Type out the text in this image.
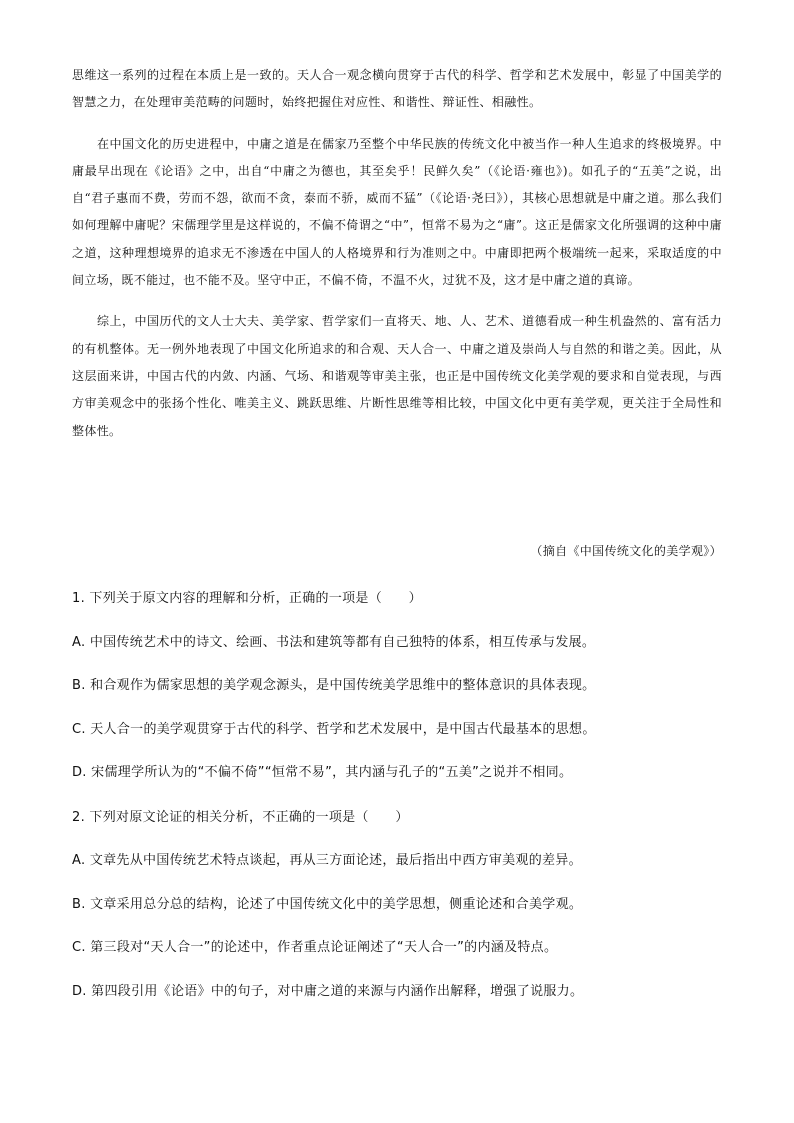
思维这一系列的过程在本质上是一致的。天人合一观念横向贯穿于古代的科学、哲学和艺术发展中，彰显了中国美学的智慧之力，在处理审美范畴的问题时，始终把握住对应性、和谐性、辩证性、相融性。

在中国文化的历史进程中，中庸之道是在儒家乃至整个中华民族的传统文化中被当作一种人生追求的终极境界。中庸最早出现在《论语》之中，出自“中庸之为德也，其至矣乎！民鲜久矣”（《论语·雍也》)。如孔子的“五美”之说，出自“君子惠而不费，劳而不怨，欲而不贪，泰而不骄，威而不猛”（《论语·尧曰》），其核心思想就是中庸之道。那么我们如何理解中庸呢？宋儒理学里是这样说的，不偏不倚谓之“中”，恒常不易为之“庸”。这正是儒家文化所强调的这种中庸之道，这种理想境界的追求无不渗透在中国人的人格境界和行为准则之中。中庸即把两个极端统一起来，采取适度的中间立场，既不能过，也不能不及。坚守中正，不偏不倚，不温不火，过犹不及，这才是中庸之道的真谛。

综上，中国历代的文人士大夫、美学家、哲学家们一直将天、地、人、艺术、道德看成一种生机盎然的、富有活力的有机整体。无一例外地表现了中国文化所追求的和合观、天人合一、中庸之道及崇尚人与自然的和谐之美。因此，从这层面来讲，中国古代的内敛、内涵、气场、和谐观等审美主张，也正是中国传统文化美学观的要求和自觉表现，与西方审美观念中的张扬个性化、唯美主义、跳跃思维、片断性思维等相比较，中国文化中更有美学观，更关注于全局性和整体性。

（摘自《中国传统文化的美学观》）
1. 下列关于原文内容的理解和分析，正确的一项是（　　）
A. 中国传统艺术中的诗文、绘画、书法和建筑等都有自己独特的体系，相互传承与发展。
B. 和合观作为儒家思想的美学观念源头，是中国传统美学思维中的整体意识的具体表现。
C. 天人合一的美学观贯穿于古代的科学、哲学和艺术发展中，是中国古代最基本的思想。
D. 宋儒理学所认为的“不偏不倚”“恒常不易”，其内涵与孔子的“五美”之说并不相同。
2. 下列对原文论证的相关分析，不正确的一项是（　　）
A. 文章先从中国传统艺术特点谈起，再从三方面论述，最后指出中西方审美观的差异。
B. 文章采用总分总的结构，论述了中国传统文化中的美学思想，侧重论述和合美学观。
C. 第三段对“天人合一”的论述中，作者重点论证阐述了“天人合一”的内涵及特点。
D. 第四段引用《论语》中的句子，对中庸之道的来源与内涵作出解释，增强了说服力。
